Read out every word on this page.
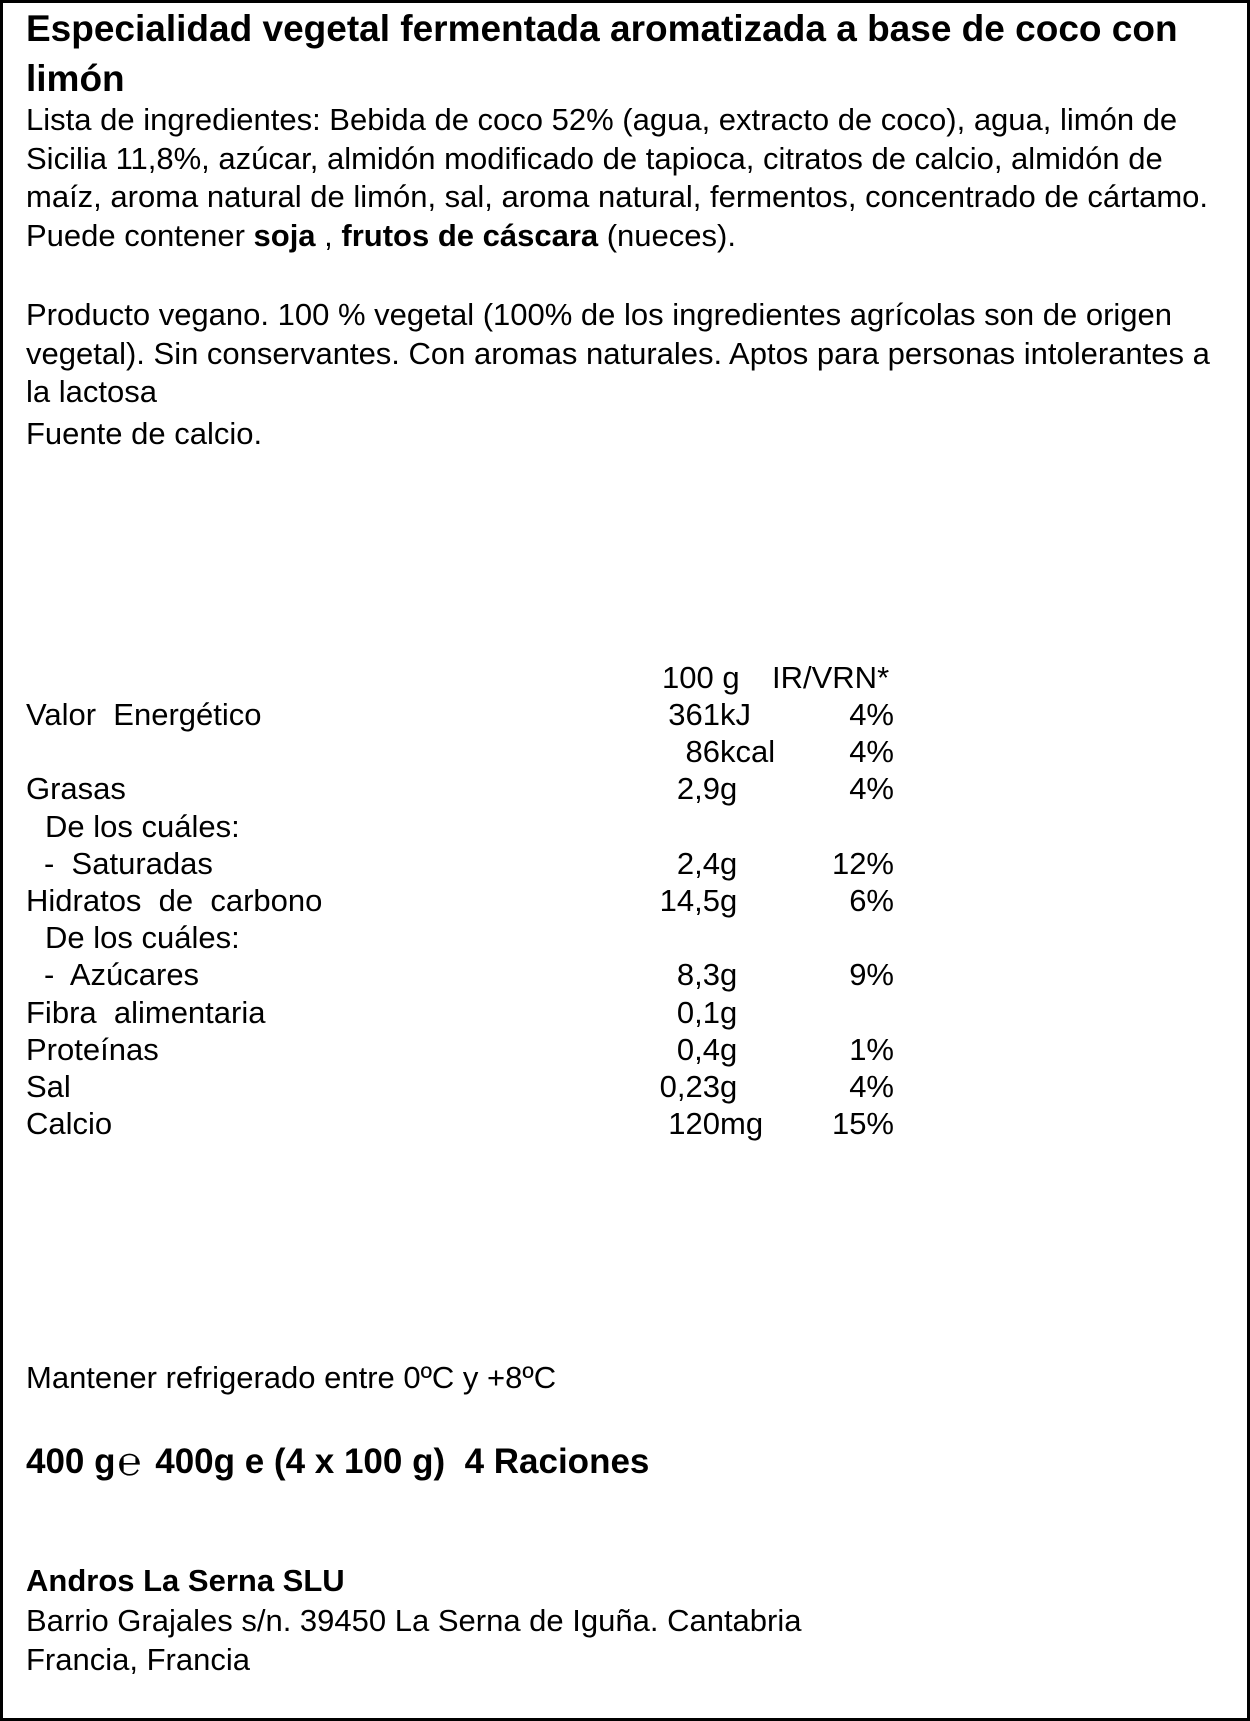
Especialidad vegetal fermentada aromatizada a base de coco con limón

Lista de ingredientes: Bebida de coco 52% (agua, extracto de coco), agua, limón de Sicilia 11,8%, azúcar, almidón modificado de tapioca, citratos de calcio, almidón de maíz, aroma natural de limón, sal, aroma natural, fermentos, concentrado de cártamo. Puede contener soja , frutos de cáscara (nueces).

Producto vegano. 100 % vegetal (100% de los ingredientes agrícolas son de origen vegetal). Sin conservantes. Con aromas naturales. Aptos para personas intolerantes a la lactosa

Fuente de calcio.

100 g IR/VRN*
Valor  Energético	361 kJ	4%
86 kcal 4%
Grasas	2,9 g	4%
De los cuáles:
-  Saturadas	2,4 g	12%
Hidratos  de  carbono	14,5 g	6%
De los cuáles:
-  Azúcares	8,3 g	9%
Fibra  alimentaria	0,1 g
Proteínas	0,4 g	1%
Sal	0,23 g	4%
Calcio	120 mg 15%
Mantener refrigerado entre 0ºC y +8ºC
400 g℮ 400g e (4 x 100 g)  4 Raciones
Andros La Serna SLU
Barrio Grajales s/n. 39450 La Serna de Iguña. Cantabria
Francia, Francia
